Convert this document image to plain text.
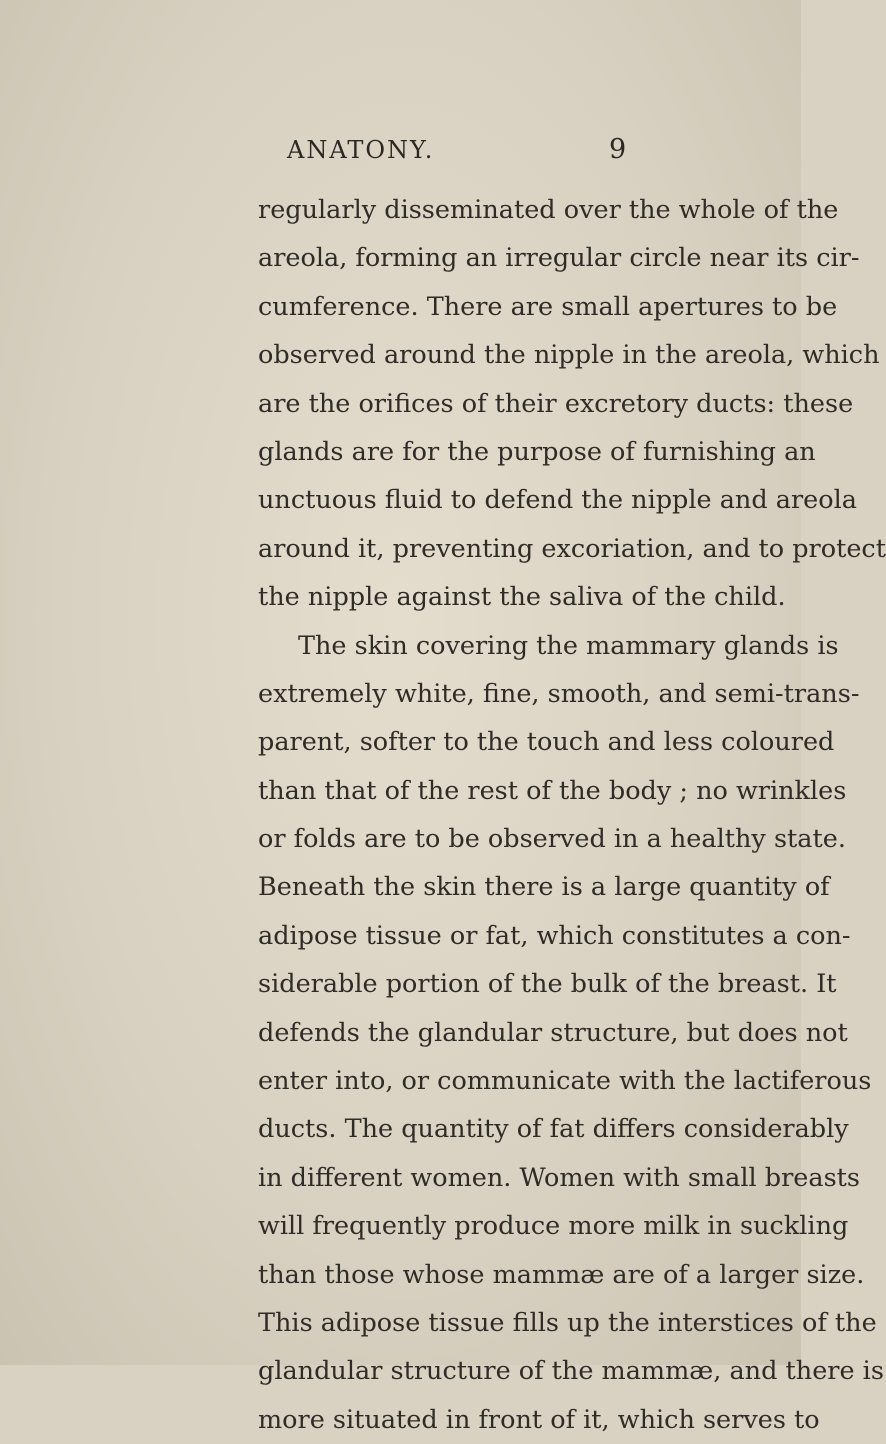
ANATONY.	9
regularly disseminated over the whole of the
areola, forming an irregular circle near its cir-
cumference. There are small apertures to be
observed around the nipple in the areola, which
are the orifices of their excretory ducts: these
glands are for the purpose of furnishing an
unctuous fluid to defend the nipple and areola
around it, preventing excoriation, and to protect
the nipple against the saliva of the child.
The skin covering the mammary glands is
extremely white, fine, smooth, and semi-trans-
parent, softer to the touch and less coloured
than that of the rest of the body ; no wrinkles
or folds are to be observed in a healthy state.
Beneath the skin there is a large quantity of
adipose tissue or fat, which constitutes a con-
siderable portion of the bulk of the breast. It
defends the glandular structure, but does not
enter into, or communicate with the lactiferous
ducts. The quantity of fat differs considerably
in different women. Women with small breasts
will frequently produce more milk in suckling
than those whose mammæ are of a larger size.
This adipose tissue fills up the interstices of the
glandular structure of the mammæ, and there is
more situated in front of it, which serves to
